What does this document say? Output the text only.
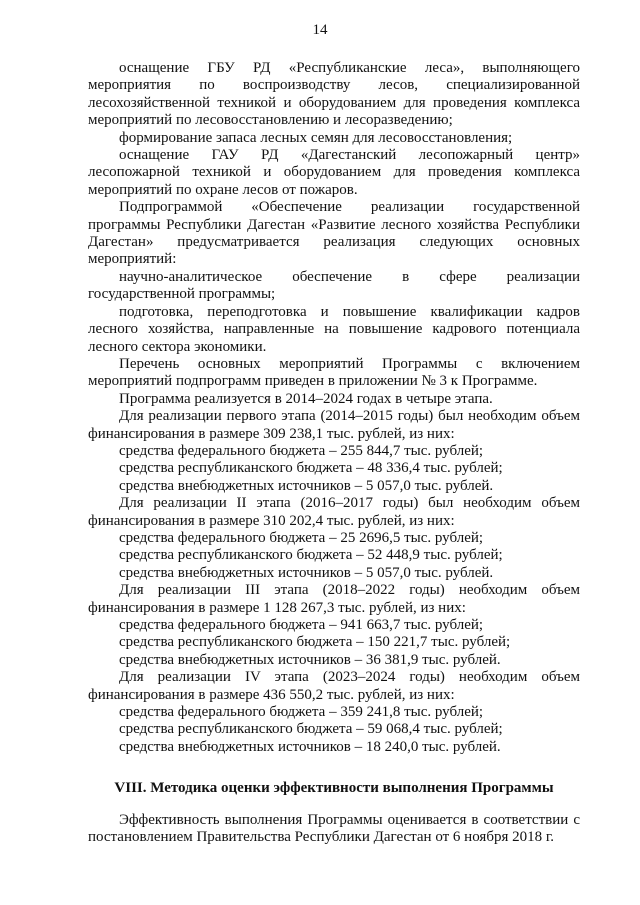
14
оснащение ГБУ РД «Республиканские леса», выполняющего
мероприятия по воспроизводству лесов, специализированной
лесохозяйственной техникой и оборудованием для проведения комплекса
мероприятий по лесовосстановлению и лесоразведению;
формирование запаса лесных семян для лесовосстановления;
оснащение ГАУ РД «Дагестанский лесопожарный центр»
лесопожарной техникой и оборудованием для проведения комплекса
мероприятий по охране лесов от пожаров.
Подпрограммой «Обеспечение реализации государственной
программы Республики Дагестан «Развитие лесного хозяйства Республики
Дагестан» предусматривается реализация следующих основных
мероприятий:
научно-аналитическое обеспечение в сфере реализации
государственной программы;
подготовка, переподготовка и повышение квалификации кадров
лесного хозяйства, направленные на повышение кадрового потенциала
лесного сектора экономики.
Перечень основных мероприятий Программы с включением
мероприятий подпрограмм приведен в приложении № 3 к Программе.
Программа реализуется в 2014–2024 годах в четыре этапа.
Для реализации первого этапа (2014–2015 годы) был необходим объем
финансирования в размере 309 238,1 тыс. рублей, из них:
средства федерального бюджета – 255 844,7 тыс. рублей;
средства республиканского бюджета – 48 336,4 тыс. рублей;
средства внебюджетных источников – 5 057,0 тыс. рублей.
Для реализации II этапа (2016–2017 годы) был необходим объем
финансирования в размере 310 202,4 тыс. рублей, из них:
средства федерального бюджета – 25 2696,5 тыс. рублей;
средства республиканского бюджета – 52 448,9 тыс. рублей;
средства внебюджетных источников – 5 057,0 тыс. рублей.
Для реализации III этапа (2018–2022 годы) необходим объем
финансирования в размере 1 128 267,3 тыс. рублей, из них:
средства федерального бюджета – 941 663,7 тыс. рублей;
средства республиканского бюджета – 150 221,7 тыс. рублей;
средства внебюджетных источников – 36 381,9 тыс. рублей.
Для реализации IV этапа (2023–2024 годы) необходим объем
финансирования в размере 436 550,2 тыс. рублей, из них:
средства федерального бюджета – 359 241,8 тыс. рублей;
средства республиканского бюджета – 59 068,4 тыс. рублей;
средства внебюджетных источников – 18 240,0 тыс. рублей.
VIII. Методика оценки эффективности выполнения Программы
Эффективность выполнения Программы оценивается в соответствии с
постановлением Правительства Республики Дагестан от 6 ноября 2018 г.
